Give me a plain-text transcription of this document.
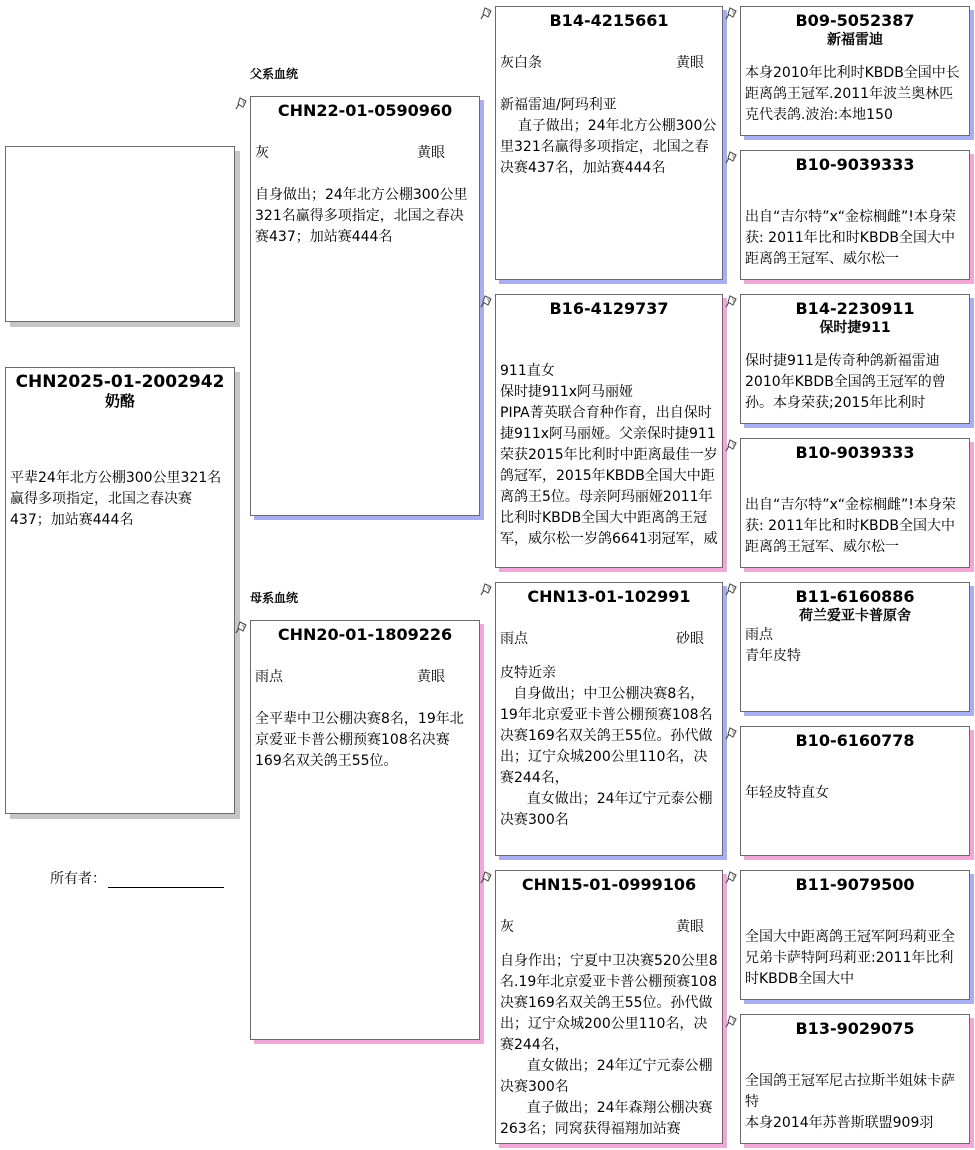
父系血统
母系血统
CHN2025-01-2002942
奶酪
平辈24年北方公棚300公里321名赢得多项指定，北国之春决赛437；加站赛444名
所有者：
CHN22-01-0590960
灰	黄眼
自身做出；24年北方公棚300公里321名赢得多项指定，北国之春决赛437；加站赛444名
CHN20-01-1809226
雨点	黄眼
全平辈中卫公棚决赛8名，19年北京爱亚卡普公棚预赛108名决赛169名双关鸽王55位。
B14-4215661
灰白条	黄眼
新福雷迪/阿玛利亚
直子做出；24年北方公棚300公里321名赢得多项指定，北国之春决赛437名，加站赛444名
B16-4129737
911直女
保时捷911x阿马丽娅
PIPA菁英联合育种作育，出自保时捷911x阿马丽娅。父亲保时捷911荣获2015年比利时中距离最佳一岁鸽冠军，2015年KBDB全国大中距离鸽王5位。母亲阿玛丽娅2011年比利时KBDB全国大中距离鸽王冠军，威尔松一岁鸽6641羽冠军，威
CHN13-01-102991
雨点	砂眼
皮特近亲
自身做出；中卫公棚决赛8名，19年北京爱亚卡普公棚预赛108名决赛169名双关鸽王55位。孙代做出；辽宁众城200公里110名，决赛244名，
直女做出；24年辽宁元泰公棚决赛300名
CHN15-01-0999106
灰	黄眼
自身作出；宁夏中卫决赛520公里8名.19年北京爱亚卡普公棚预赛108决赛169名双关鸽王55位。孙代做出；辽宁众城200公里110名，决赛244名，
直女做出；24年辽宁元泰公棚决赛300名
直子做出；24年森翔公棚决赛263名；同窝获得福翔加站赛
B09-5052387
新福雷迪
本身2010年比利时KBDB全国中长距离鸽王冠军.2011年波兰奥林匹克代表鸽.波治:本地150
B10-9039333
出自“吉尔特”x“金棕榈雌”!本身荣获: 2011年比和时KBDB全国大中距离鸽王冠军、威尔松一
B14-2230911
保时捷911
保时捷911是传奇种鸽新福雷迪2010年KBDB全国鸽王冠军的曾孙。本身荣获;2015年比利时
B10-9039333
出自“吉尔特”x“金棕榈雌”!本身荣获: 2011年比和时KBDB全国大中距离鸽王冠军、威尔松一
B11-6160886
荷兰爱亚卡普原舍
雨点
青年皮特
B10-6160778
年轻皮特直女
B11-9079500
全国大中距离鸽王冠军阿玛莉亚全兄弟卡萨特阿玛莉亚:2011年比利时KBDB全国大中
B13-9029075
全国鸽王冠军尼古拉斯半姐妹卡萨特
本身2014年苏普斯联盟909羽
